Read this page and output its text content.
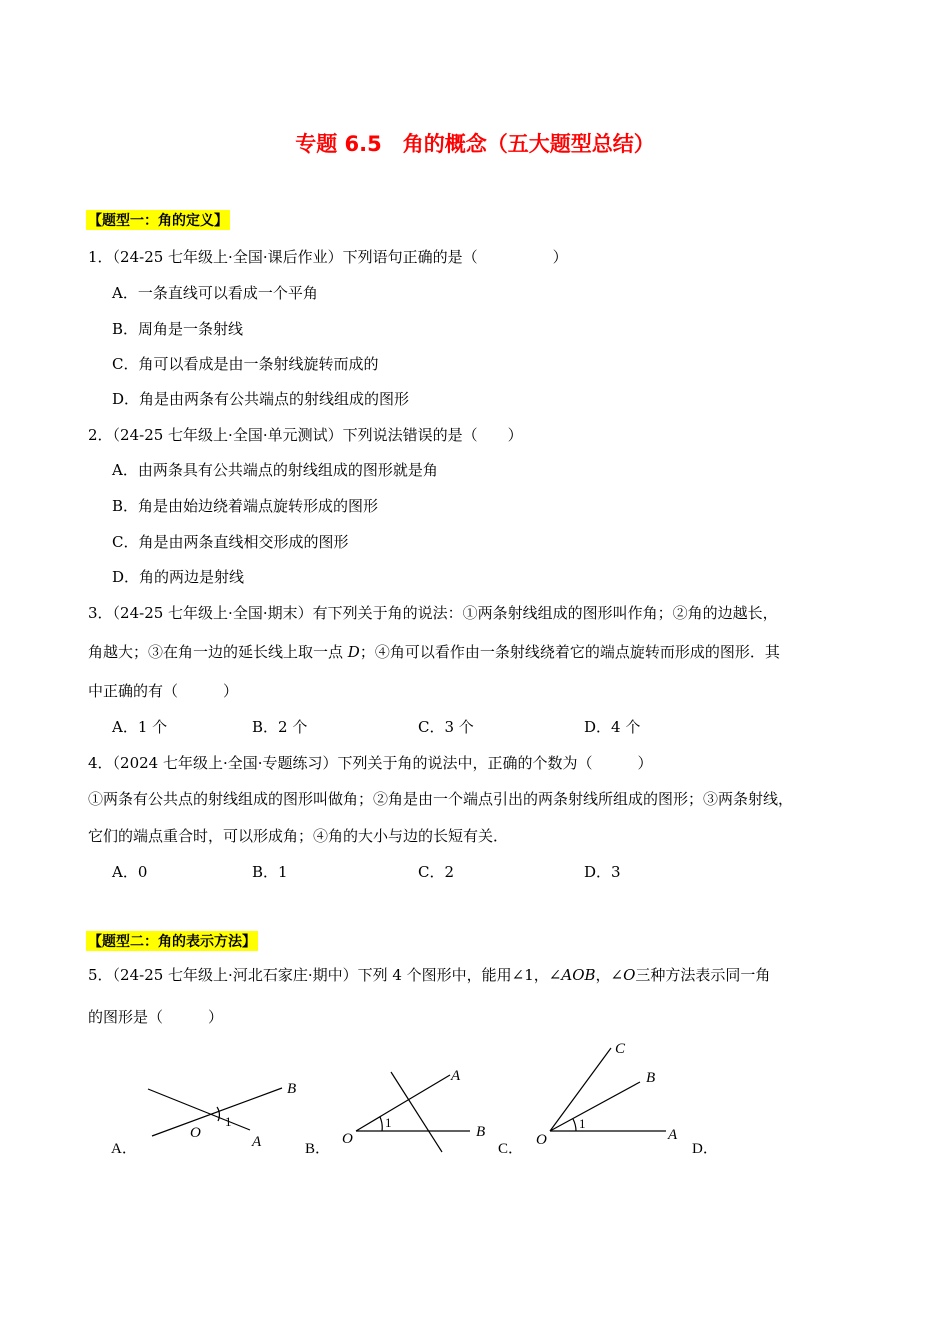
专题 6.5　角的概念（五大题型总结）
【题型一：角的定义】
1．（24-25 七年级上·全国·课后作业）下列语句正确的是（　　　　　）
A．一条直线可以看成一个平角
B．周角是一条射线
C．角可以看成是由一条射线旋转而成的
D．角是由两条有公共端点的射线组成的图形
2．（24-25 七年级上·全国·单元测试）下列说法错误的是（　　）
A．由两条具有公共端点的射线组成的图形就是角
B．角是由始边绕着端点旋转形成的图形
C．角是由两条直线相交形成的图形
D．角的两边是射线
3．（24-25 七年级上·全国·期末）有下列关于角的说法：①两条射线组成的图形叫作角；②角的边越长，
角越大；③在角一边的延长线上取一点 D；④角可以看作由一条射线绕着它的端点旋转而形成的图形．其
中正确的有（　　　）
A．1 个	B．2 个	C．3 个	D．4 个
4．（2024 七年级上·全国·专题练习）下列关于角的说法中，正确的个数为（　　　）
①两条有公共点的射线组成的图形叫做角；②角是由一个端点引出的两条射线所组成的图形；③两条射线，
它们的端点重合时，可以形成角；④角的大小与边的长短有关．
A．0	B．1	C．2	D．3
【题型二：角的表示方法】
5．（24-25 七年级上·河北石家庄·期中）下列 4 个图形中，能用∠1，∠AOB，∠O三种方法表示同一角
的图形是（　　　）
A．
O
A
B
1
B．
O
A
B
1
C．
O	A
B
C
1
D．
